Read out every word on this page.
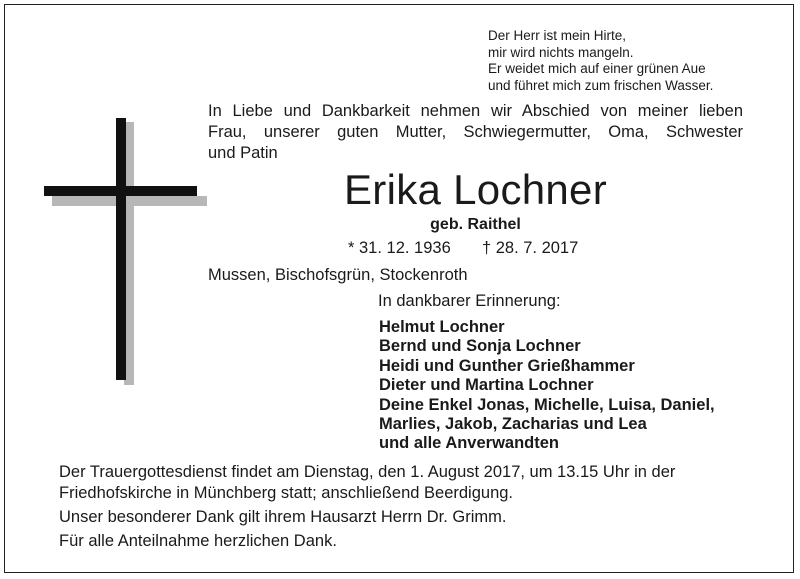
Der Herr ist mein Hirte,
mir wird nichts mangeln.
Er weidet mich auf einer grünen Aue
und führet mich zum frischen Wasser.
In Liebe und Dankbarkeit nehmen wir Abschied von meiner lieben
Frau, unserer guten Mutter, Schwiegermutter, Oma, Schwester
und Patin
Erika Lochner
geb. Raithel
* 31. 12. 1936 † 28. 7. 2017
Mussen, Bischofsgrün, Stockenroth
In dankbarer Erinnerung:
Helmut Lochner
Bernd und Sonja Lochner
Heidi und Gunther Grießhammer
Dieter und Martina Lochner
Deine Enkel Jonas, Michelle, Luisa, Daniel,
Marlies, Jakob, Zacharias und Lea
und alle Anverwandten
Der Trauergottesdienst findet am Dienstag, den 1. August 2017, um 13.15 Uhr in der
Friedhofskirche in Münchberg statt; anschließend Beerdigung.
Unser besonderer Dank gilt ihrem Hausarzt Herrn Dr. Grimm.
Für alle Anteilnahme herzlichen Dank.
